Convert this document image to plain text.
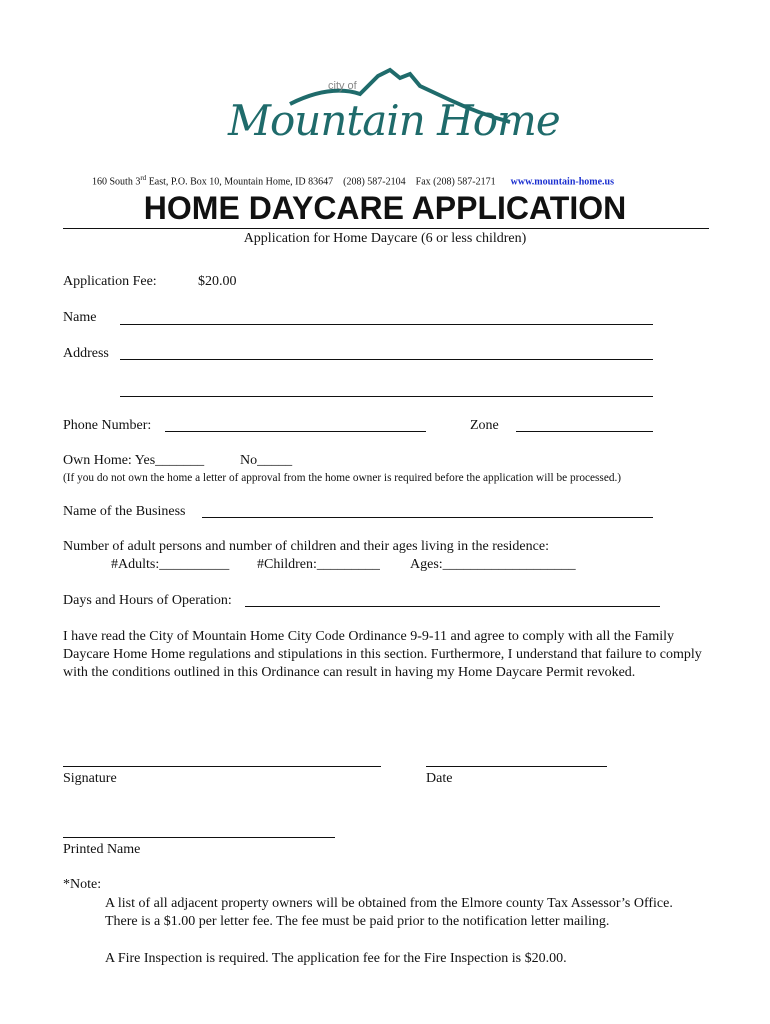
city of
Mountain Home
160 South 3rd East, P.O. Box 10, Mountain Home, ID 83647 (208) 587-2104 Fax (208) 587-2171 www.mountain-home.us
HOME DAYCARE APPLICATION
Application for Home Daycare (6 or less children)
Application Fee:	$20.00
Name
Address
Phone Number:	Zone
Own Home: Yes_______	No_____
(If you do not own the home a letter of approval from the home owner is required before the application will be processed.)
Name of the Business
Number of adult persons and number of children and their ages living in the residence:
#Adults:__________ #Children:_________ Ages:___________________
Days and Hours of Operation:
I have read the City of Mountain Home City Code Ordinance 9-9-11 and agree to comply with all the Family Daycare Home Home regulations and stipulations in this section. Furthermore, I understand that failure to comply with the conditions outlined in this Ordinance can result in having my Home Daycare Permit revoked.
Signature	Date
Printed Name
*Note:
A list of all adjacent property owners will be obtained from the Elmore county Tax Assessor’s Office. There is a $1.00 per letter fee. The fee must be paid prior to the notification letter mailing.
A Fire Inspection is required. The application fee for the Fire Inspection is $20.00.
